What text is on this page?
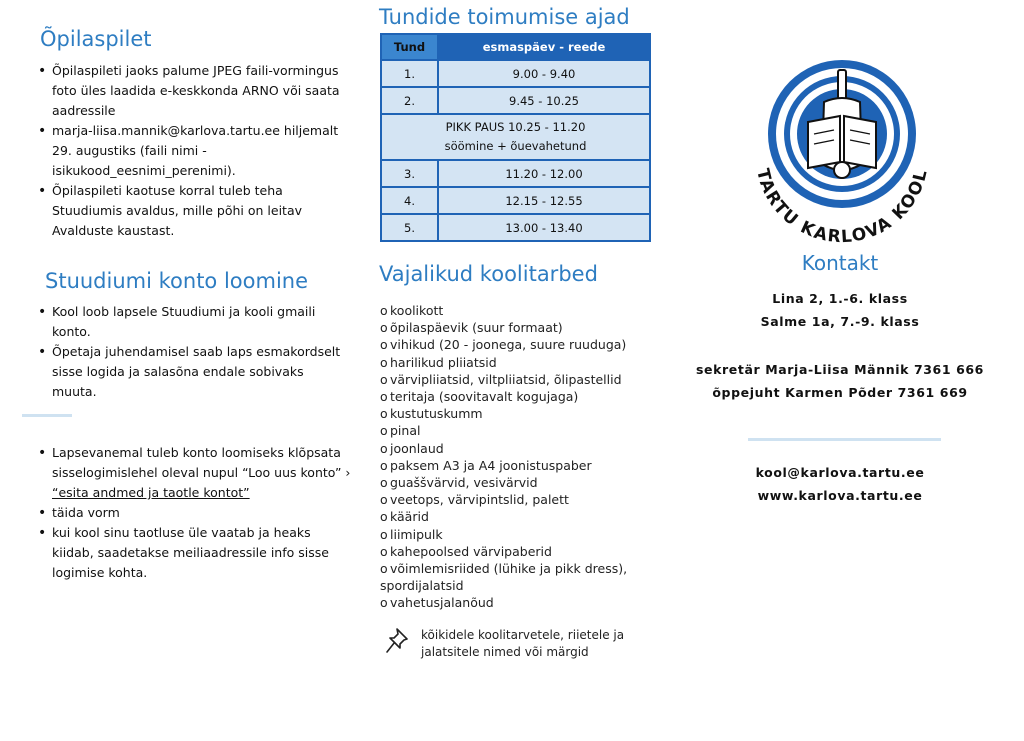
Õpilaspilet
• Õpilaspileti jaoks palume JPEG faili-vormingus foto üles laadida e-keskkonda ARNO või saata aadressile
• marja-liisa.mannik@karlova.tartu.ee hiljemalt 29. augustiks (faili nimi - isikukood_eesnimi_perenimi).
• Õpilaspileti kaotuse korral tuleb teha Stuudiumis avaldus, mille põhi on leitav Avalduste kaustast.
Stuudiumi konto loomine
• Kool loob lapsele Stuudiumi ja kooli gmaili konto.
• Õpetaja juhendamisel saab laps esmakordselt sisse logida ja salasõna endale sobivaks muuta.
• Lapsevanemal tuleb konto loomiseks klõpsata sisselogimislehel oleval nupul “Loo uus konto” › “esita andmed ja taotle kontot”
• täida vorm
• kui kool sinu taotluse üle vaatab ja heaks kiidab, saadetakse meiliaadressile info sisse logimise kohta.
Tundide toimumise ajad
Tund	esmaspäev - reede
1.	9.00 - 9.40
2.	9.45 - 10.25

PIKK PAUS 10.25 - 11.20
söömine + õuevahetund	

3.	11.20 - 12.00
4.	12.15 - 12.55
5.	13.00 - 13.40
Vajalikud koolitarbed
o koolikott
o õpilaspäevik (suur formaat)
o vihikud (20 - joonega, suure ruuduga)
o harilikud pliiatsid
o värvipliiatsid, viltpliiatsid, õlipastellid
o teritaja (soovitavalt kogujaga)
o kustutuskumm
o pinal
o joonlaud
o paksem A3 ja A4 joonistuspaber
o guaššvärvid, vesivärvid
o veetops, värvipintslid, palett
o käärid
o liimipulk
o kahepoolsed värvipaberid
o võimlemisriided (lühike ja pikk dress), spordijalatsid
o vahetusjalanõud
kõikidele koolitarvetele, riietele ja jalatsitele nimed või märgid
TARTU KARLOVA KOOL
Kontakt
Lina 2, 1.-6. klass
Salme 1a, 7.-9. klass
sekretär Marja-Liisa Männik 7361 666
õppejuht Karmen Põder 7361 669
kool@karlova.tartu.ee
www.karlova.tartu.ee
